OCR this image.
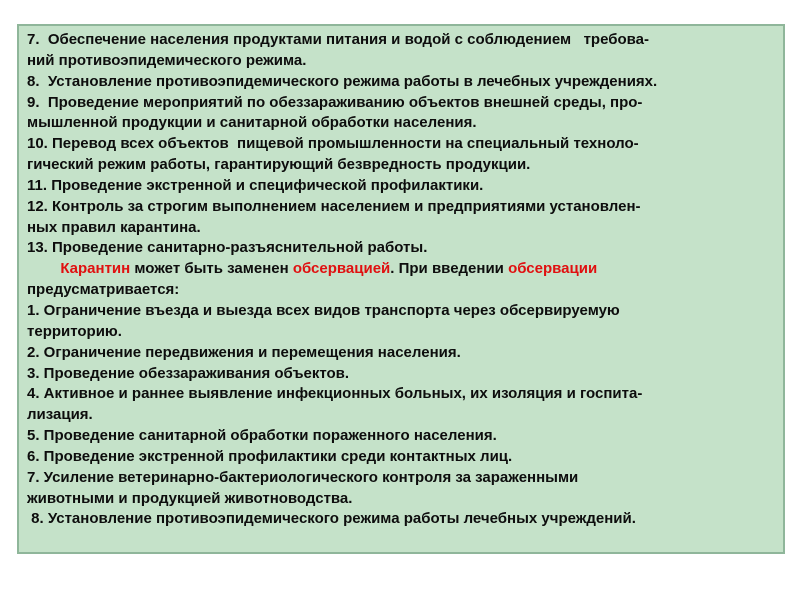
7.  Обеспечение населения продуктами питания и водой с соблюдением   требова-
ний противоэпидемического режима.
8.  Установление противоэпидемического режима работы в лечебных учреждениях.
9.  Проведение мероприятий по обеззараживанию объектов внешней среды, про-
мышленной продукции и санитарной обработки населения.
10. Перевод всех объектов  пищевой промышленности на специальный техноло-
гический режим работы, гарантирующий безвредность продукции.
11. Проведение экстренной и специфической профилактики.
12. Контроль за строгим выполнением населением и предприятиями установлен-
ных правил карантина.
13. Проведение санитарно-разъяснительной работы.
Карантин может быть заменен обсервацией. При введении обсервации
предусматривается:
1. Ограничение въезда и выезда всех видов транспорта через обсервируемую
территорию.
2. Ограничение передвижения и перемещения населения.
3. Проведение обеззараживания объектов.
4. Активное и раннее выявление инфекционных больных, их изоляция и госпита-
лизация.
5. Проведение санитарной обработки пораженного населения.
6. Проведение экстренной профилактики среди контактных лиц.
7. Усиление ветеринарно-бактериологического контроля за зараженными
животными и продукцией животноводства.
8. Установление противоэпидемического режима работы лечебных учреждений.
